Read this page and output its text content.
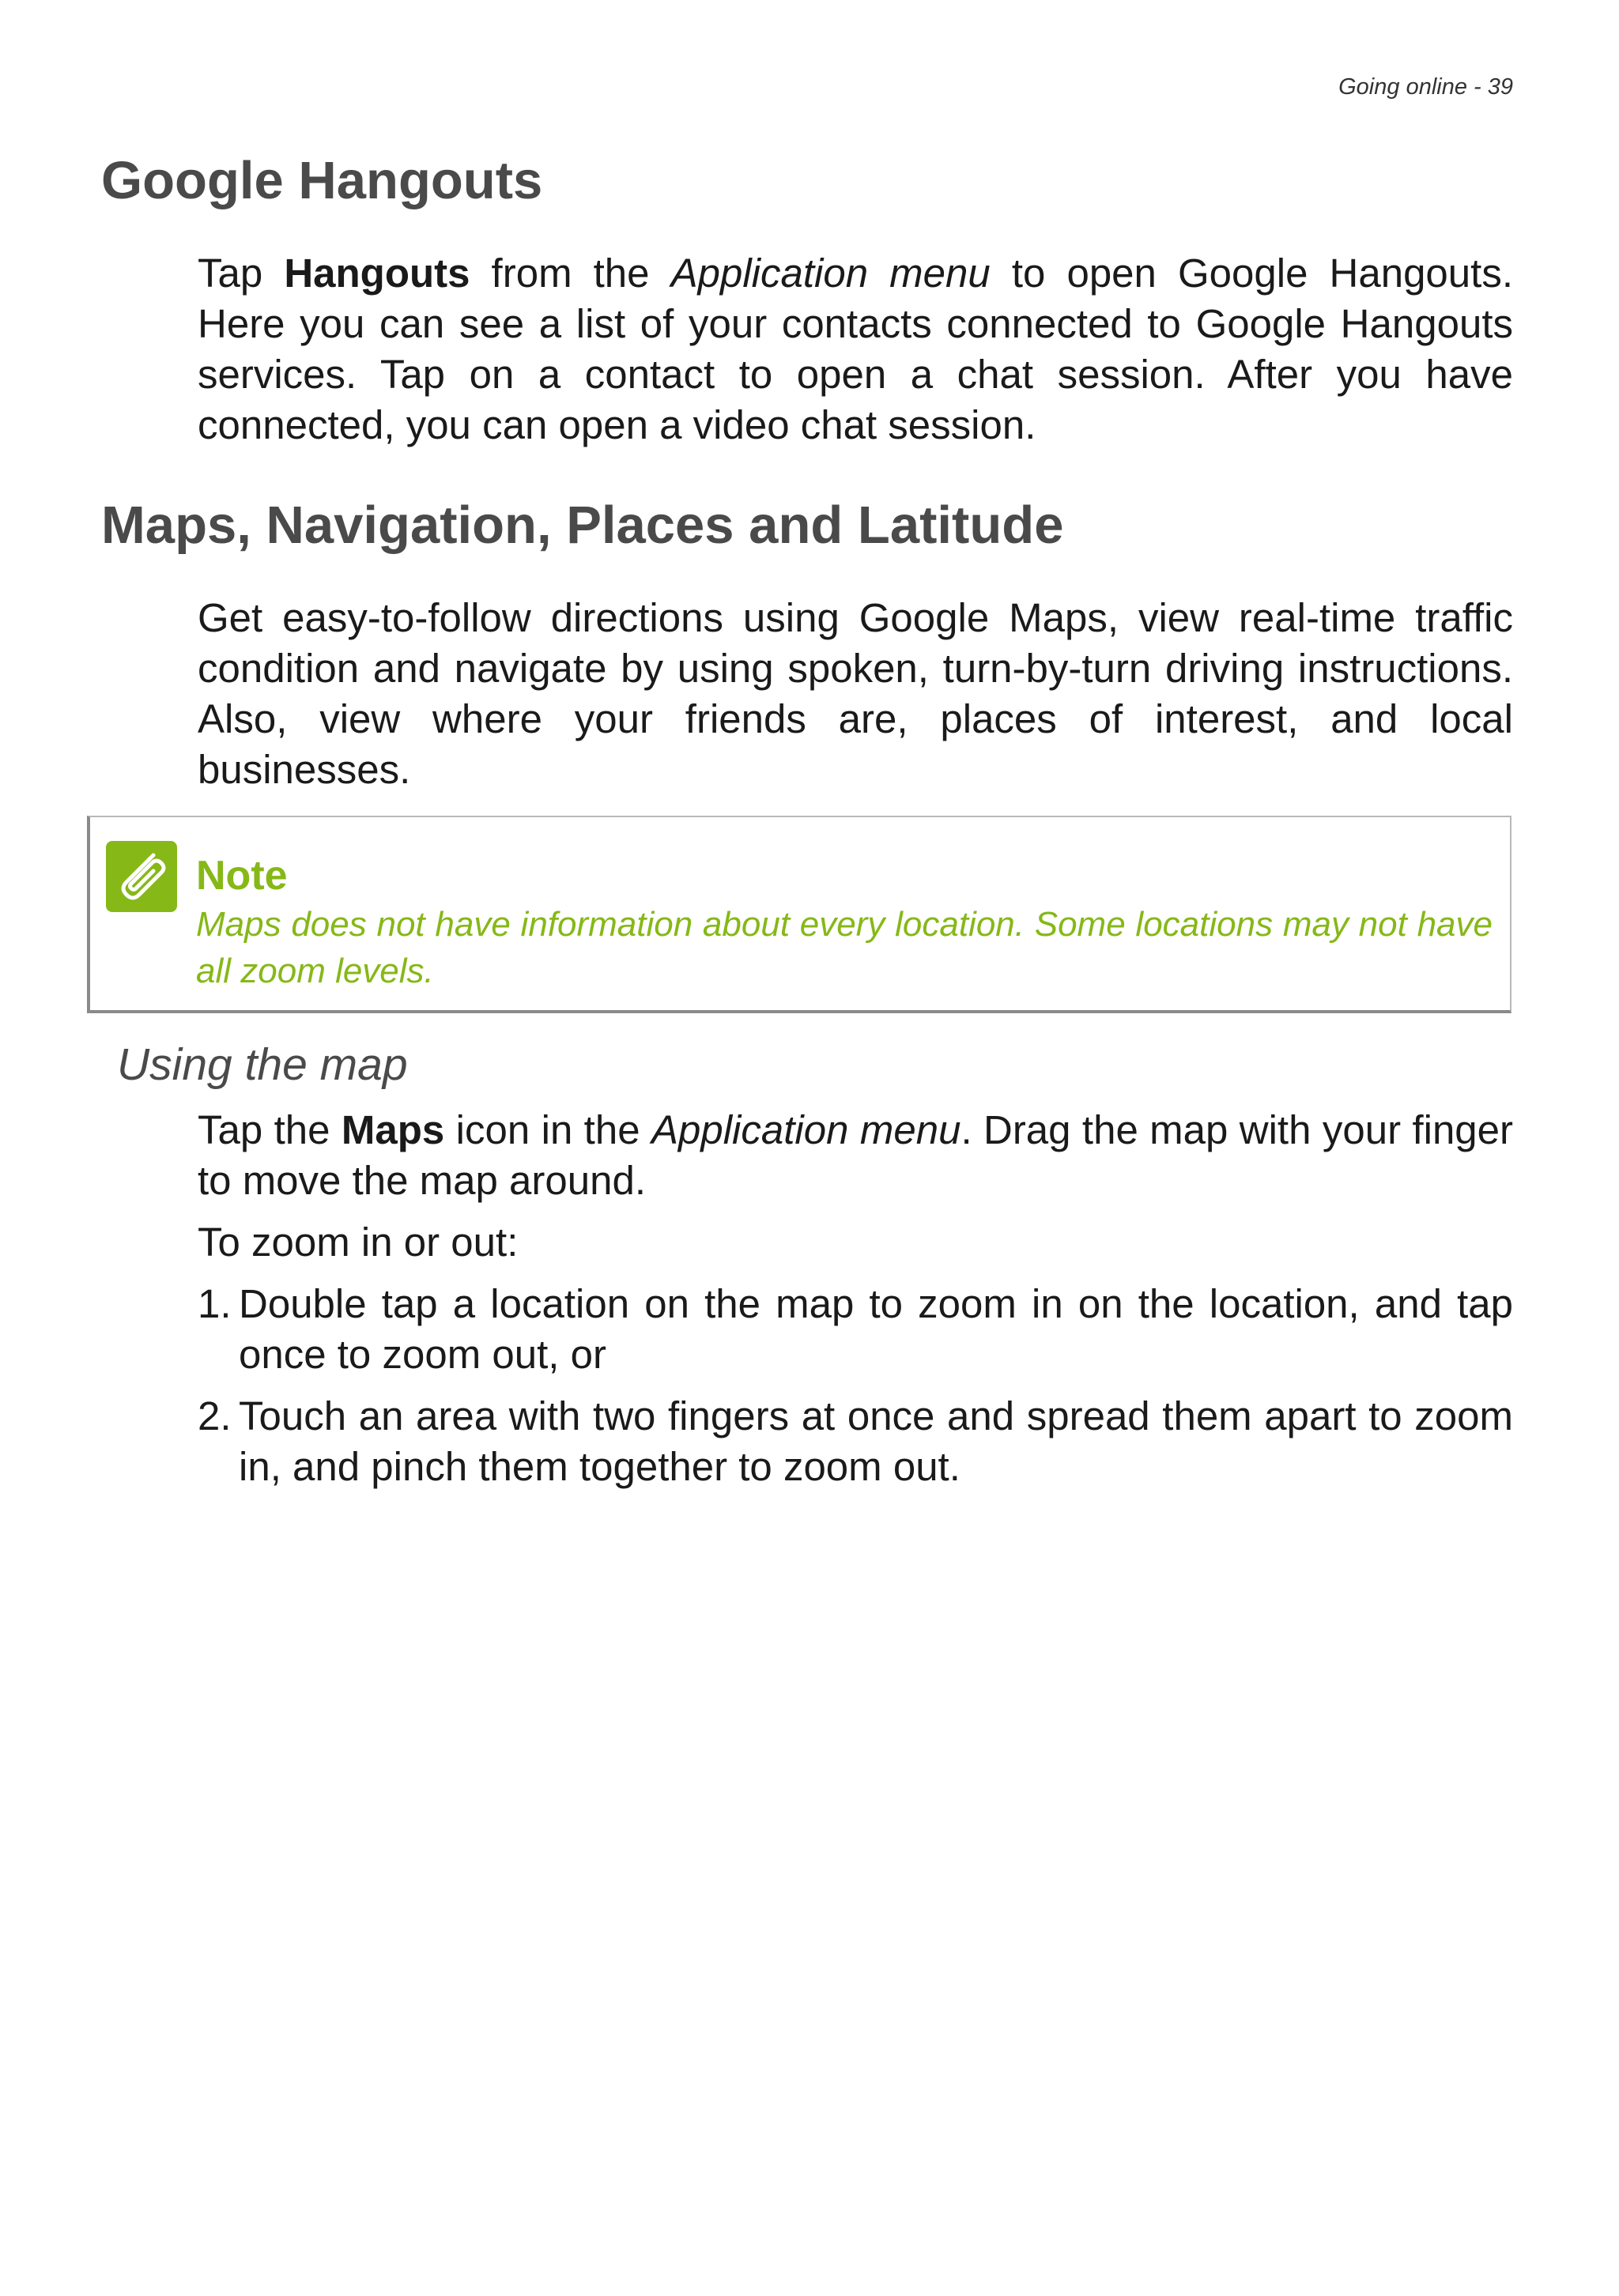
Going online - 39
Google Hangouts

Tap Hangouts from the Application menu to open Google Hangouts. Here you can see a list of your contacts connected to Google Hangouts services. Tap on a contact to open a chat session. After you have connected, you can open a video chat session.

Maps, Navigation, Places and Latitude

Get easy-to-follow directions using Google Maps, view real-time traffic condition and navigate by using spoken, turn-by-turn driving instructions. Also, view where your friends are, places of interest, and local businesses.

Note
Maps does not have information about every location. Some locations may not have all zoom levels.
Using the map

Tap the Maps icon in the Application menu. Drag the map with your finger to move the map around.

To zoom in or out:

1. Double tap a location on the map to zoom in on the location, and tap once to zoom out, or
2. Touch an area with two fingers at once and spread them apart to zoom in, and pinch them together to zoom out.
